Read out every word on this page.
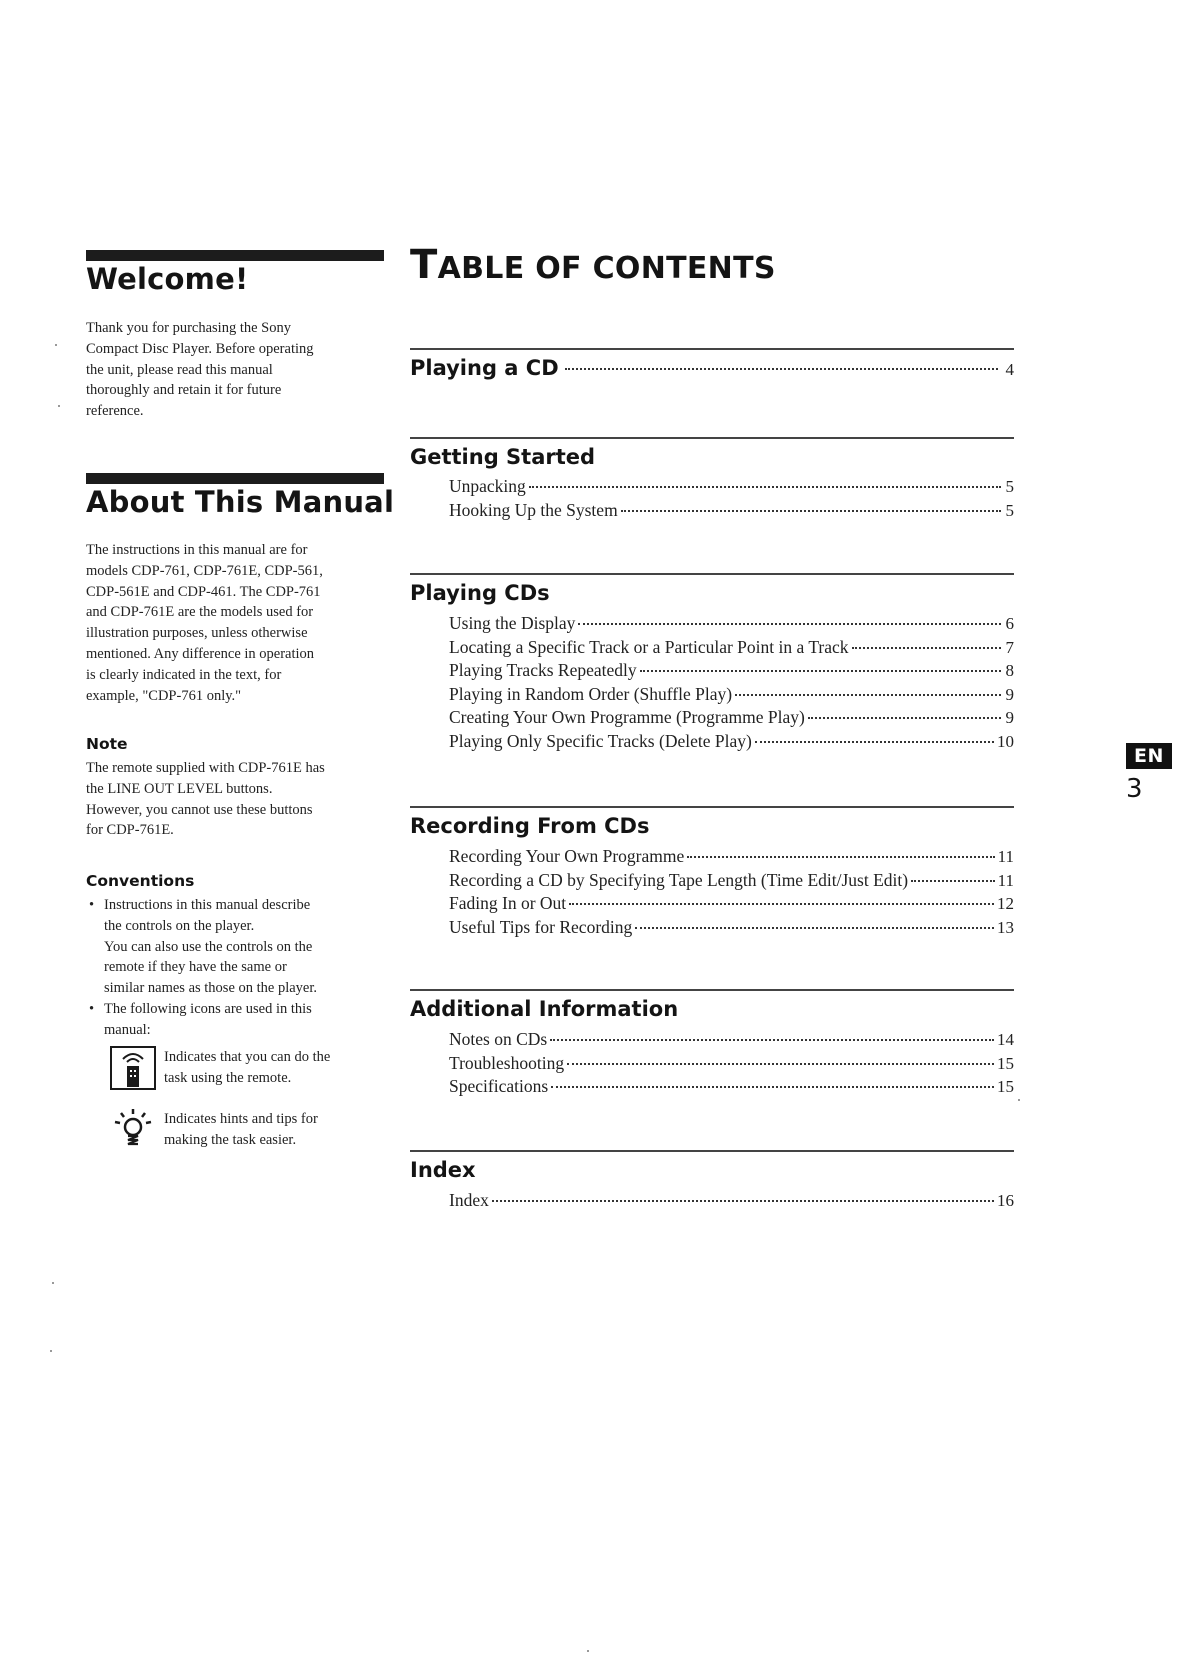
Welcome!
Thank you for purchasing the Sony
Compact Disc Player. Before operating
the unit, please read this manual
thoroughly and retain it for future
reference.
About This Manual
The instructions in this manual are for
models CDP-761, CDP-761E, CDP-561,
CDP-561E and CDP-461. The CDP-761
and CDP-761E are the models used for
illustration purposes, unless otherwise
mentioned. Any difference in operation
is clearly indicated in the text, for
example, "CDP-761 only."
Note
The remote supplied with CDP-761E has
the LINE OUT LEVEL buttons.
However, you cannot use these buttons
for CDP-761E.
Conventions
• Instructions in this manual describe
the controls on the player.
You can also use the controls on the
remote if they have the same or
similar names as those on the player.
• The following icons are used in this
manual:
Indicates that you can do the
task using the remote.
Indicates hints and tips for
making the task easier.
TABLE OF CONTENTS
Playing a CD	4
Getting Started
Unpacking	5
Hooking Up the System	5
Playing CDs
Using the Display	6
Locating a Specific Track or a Particular Point in a Track	7
Playing Tracks Repeatedly	8
Playing in Random Order (Shuffle Play)	9
Creating Your Own Programme (Programme Play)	9
Playing Only Specific Tracks (Delete Play)	10
Recording From CDs
Recording Your Own Programme	11
Recording a CD by Specifying Tape Length (Time Edit/Just Edit)	11
Fading In or Out	12
Useful Tips for Recording	13
Additional Information
Notes on CDs	14
Troubleshooting	15
Specifications	15
Index
Index	16
EN
3
